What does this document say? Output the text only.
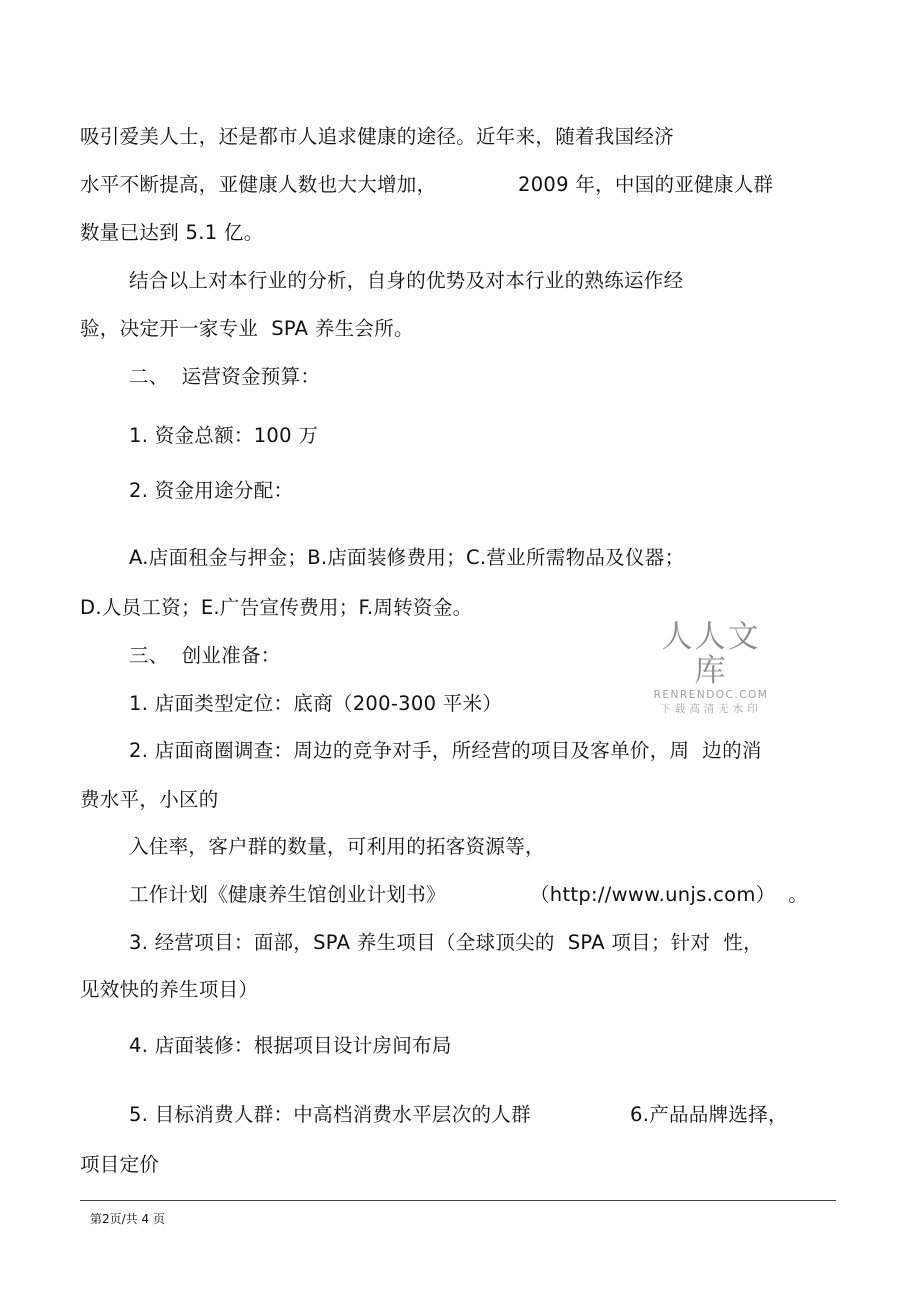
吸引爱美人士，还是都市人追求健康的途径。近年来，随着我国经济
水平不断提高，亚健康人数也大大增加，	2009 年，中国的亚健康人群
数量已达到 5.1 亿。
结合以上对本行业的分析，自身的优势及对本行业的熟练运作经
验，决定开一家专业  SPA 养生会所。
二、  运营资金预算：
1. 资金总额：100 万
2. 资金用途分配：
A.店面租金与押金；B.店面装修费用；C.营业所需物品及仪器；
D.人员工资；E.广告宣传费用；F.周转资金。
三、  创业准备：
1. 店面类型定位：底商（200-300 平米）
2. 店面商圈调查：周边的竞争对手，所经营的项目及客单价，周  边的消
费水平，小区的
入住率，客户群的数量，可利用的拓客资源等，
工作计划《健康养生馆创业计划书》	（http://www.unjs.com）  。
3. 经营项目：面部，SPA 养生项目（全球顶尖的  SPA 项目；针对  性，
见效快的养生项目）
4. 店面装修：根据项目设计房间布局
5. 目标消费人群：中高档消费水平层次的人群	6.产品品牌选择，
项目定价
人人文库
RENRENDOC.COM
下载高清无水印
第2页/共 4 页
